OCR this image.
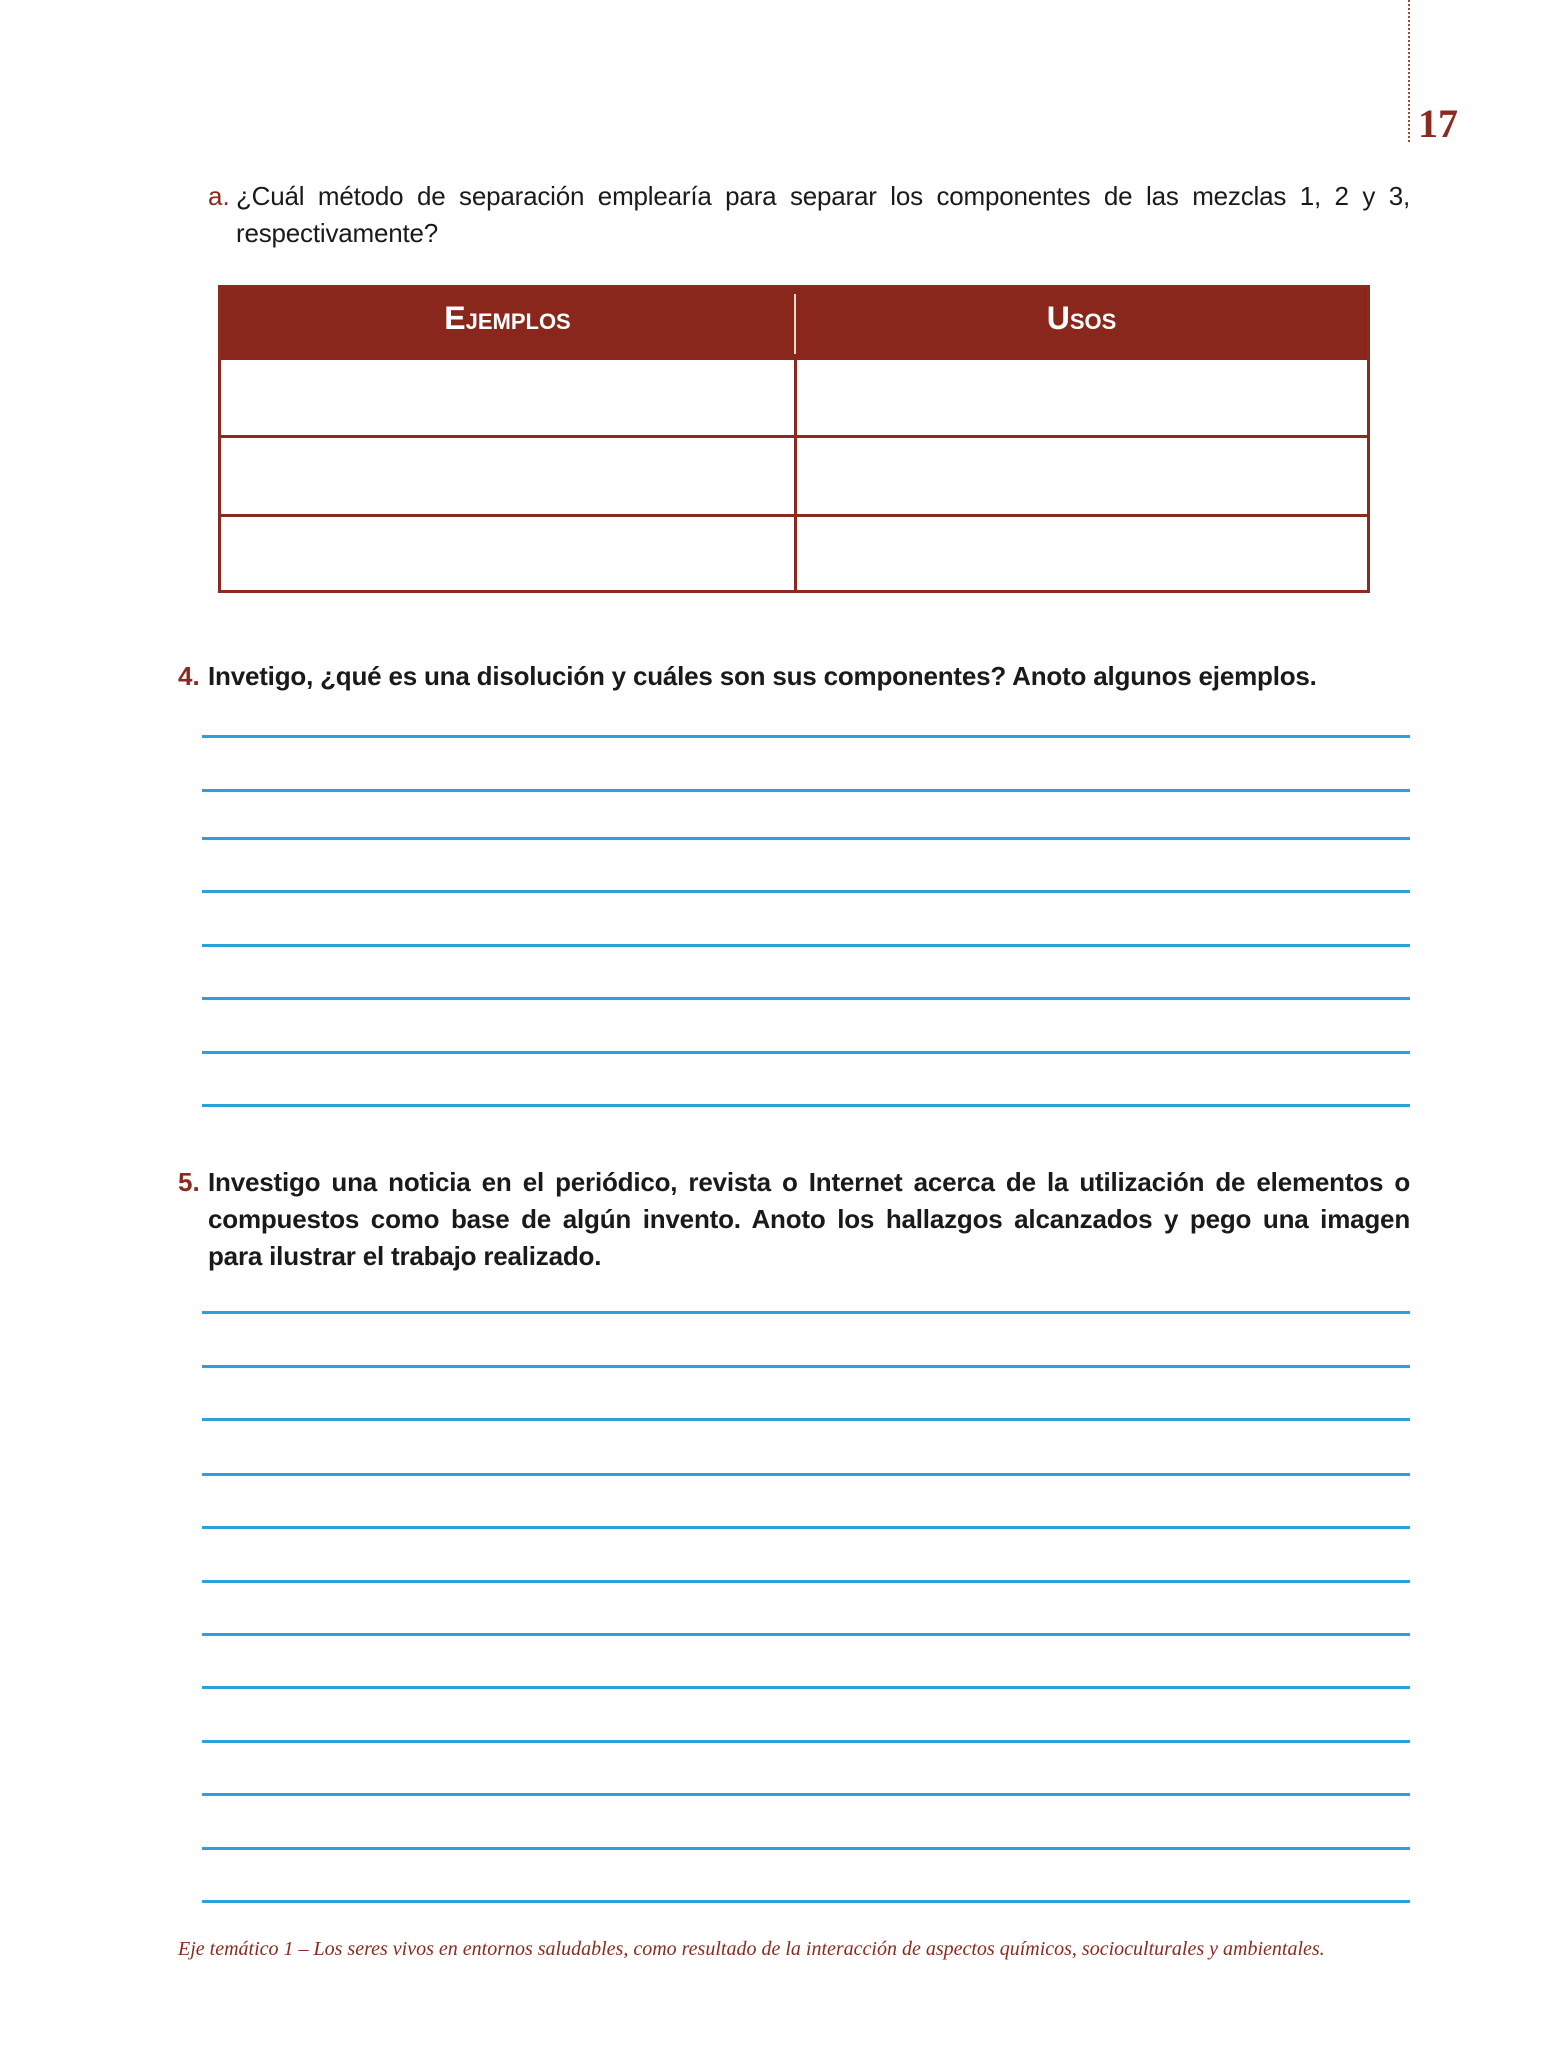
17
a. ¿Cuál método de separación emplearía para separar los componentes de las mezclas 1, 2 y 3, respectivamente?
Ejemplos	Usos
4. Invetigo, ¿qué es una disolución y cuáles son sus componentes? Anoto algunos ejemplos.
5. Investigo una noticia en el periódico, revista o Internet acerca de la utilización de elementos o compuestos como base de algún invento. Anoto los hallazgos alcanzados y pego una imagen para ilustrar el trabajo realizado.
Eje temático 1 – Los seres vivos en entornos saludables, como resultado de la interacción de aspectos químicos, socioculturales y ambientales.
